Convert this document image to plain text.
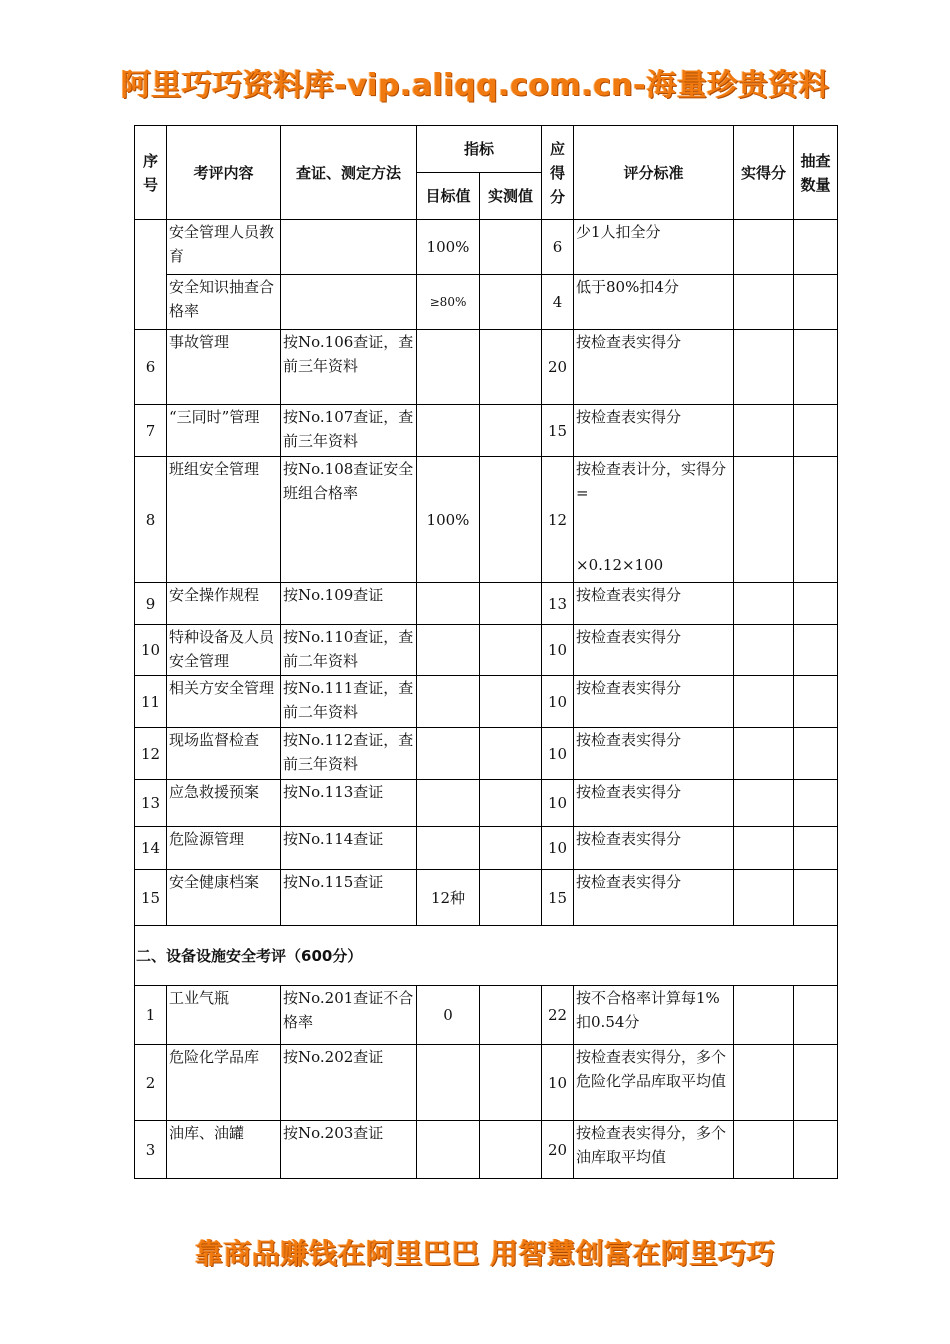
阿里巧巧资料库-vip.aliqq.com.cn-海量珍贵资料
序号	考评内容	查证、测定方法	指标		应得分	评分标准	实得分	抽查数量
			目标值	实测值				
	安全管理人员教育		100%		6	少1人扣全分		
	安全知识抽查合格率		≥80%		4	低于80%扣4分		
6	事故管理	按No.106查证，查前三年资料			20	按检查表实得分		
7	“三同时”管理	按No.107查证，查前三年资料			15	按检查表实得分		
8	班组安全管理	按No.108查证安全班组合格率	100%		12	按检查表计分，实得分=
×0.12×100		

9	安全操作规程	按No.109查证			13	按检查表实得分		
10	特种设备及人员安全管理	按No.110查证，查前二年资料			10	按检查表实得分		
11	相关方安全管理	按No.111查证，查前二年资料			10	按检查表实得分		
12	现场监督检查	按No.112查证，查前三年资料			10	按检查表实得分		
13	应急救援预案	按No.113查证			10	按检查表实得分		
14	危险源管理	按No.114查证			10	按检查表实得分		
15	安全健康档案	按No.115查证	12种		15	按检查表实得分		
二、设备设施安全考评（600分）								
1	工业气瓶	按No.201查证不合格率	0		22	按不合格率计算每1%扣0.54分		
2	危险化学品库	按No.202查证			10	按检查表实得分，多个危险化学品库取平均值		
3	油库、油罐	按No.203查证			20	按检查表实得分，多个油库取平均值		
靠商品赚钱在阿里巴巴 用智慧创富在阿里巧巧
